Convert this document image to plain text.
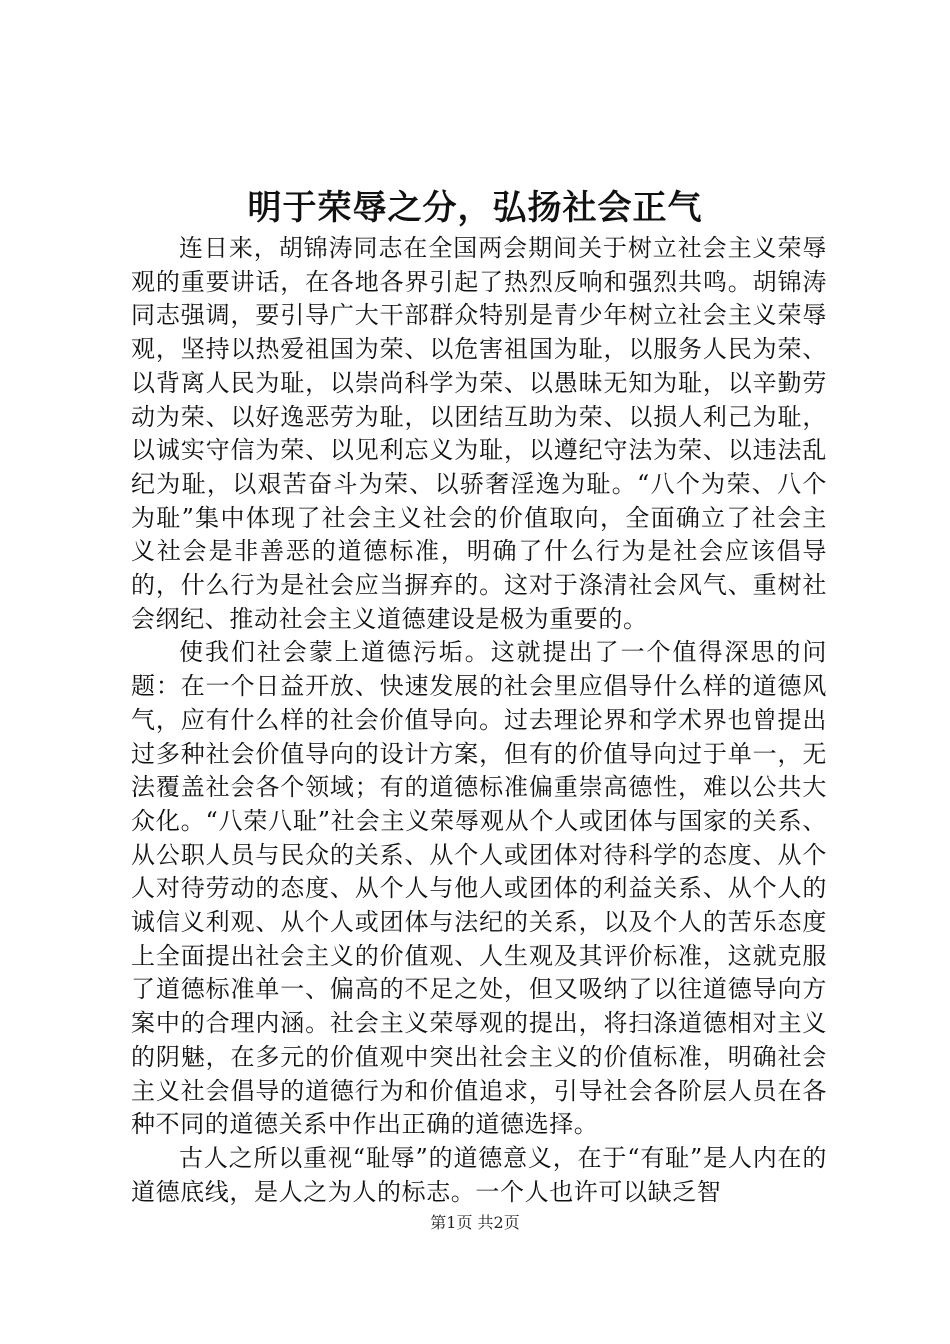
明于荣辱之分，弘扬社会正气

连日来，胡锦涛同志在全国两会期间关于树立社会主义荣辱观的重要讲话，在各地各界引起了热烈反响和强烈共鸣。胡锦涛同志强调，要引导广大干部群众特别是青少年树立社会主义荣辱观，坚持以热爱祖国为荣、以危害祖国为耻，以服务人民为荣、以背离人民为耻，以崇尚科学为荣、以愚昧无知为耻，以辛勤劳动为荣、以好逸恶劳为耻，以团结互助为荣、以损人利己为耻，以诚实守信为荣、以见利忘义为耻，以遵纪守法为荣、以违法乱纪为耻，以艰苦奋斗为荣、以骄奢淫逸为耻。“八个为荣、八个为耻”集中体现了社会主义社会的价值取向，全面确立了社会主义社会是非善恶的道德标准，明确了什么行为是社会应该倡导的，什么行为是社会应当摒弃的。这对于涤清社会风气、重树社会纲纪、推动社会主义道德建设是极为重要的。

使我们社会蒙上道德污垢。这就提出了一个值得深思的问题：在一个日益开放、快速发展的社会里应倡导什么样的道德风气，应有什么样的社会价值导向。过去理论界和学术界也曾提出过多种社会价值导向的设计方案，但有的价值导向过于单一，无法覆盖社会各个领域；有的道德标准偏重崇高德性，难以公共大众化。“八荣八耻”社会主义荣辱观从个人或团体与国家的关系、从公职人员与民众的关系、从个人或团体对待科学的态度、从个人对待劳动的态度、从个人与他人或团体的利益关系、从个人的诚信义利观、从个人或团体与法纪的关系，以及个人的苦乐态度上全面提出社会主义的价值观、人生观及其评价标准，这就克服了道德标准单一、偏高的不足之处，但又吸纳了以往道德导向方案中的合理内涵。社会主义荣辱观的提出，将扫涤道德相对主义的阴魅，在多元的价值观中突出社会主义的价值标准，明确社会主义社会倡导的道德行为和价值追求，引导社会各阶层人员在各种不同的道德关系中作出正确的道德选择。

古人之所以重视“耻辱”的道德意义，在于“有耻”是人内在的道德底线，是人之为人的标志。一个人也许可以缺乏智

第1页 共2页
